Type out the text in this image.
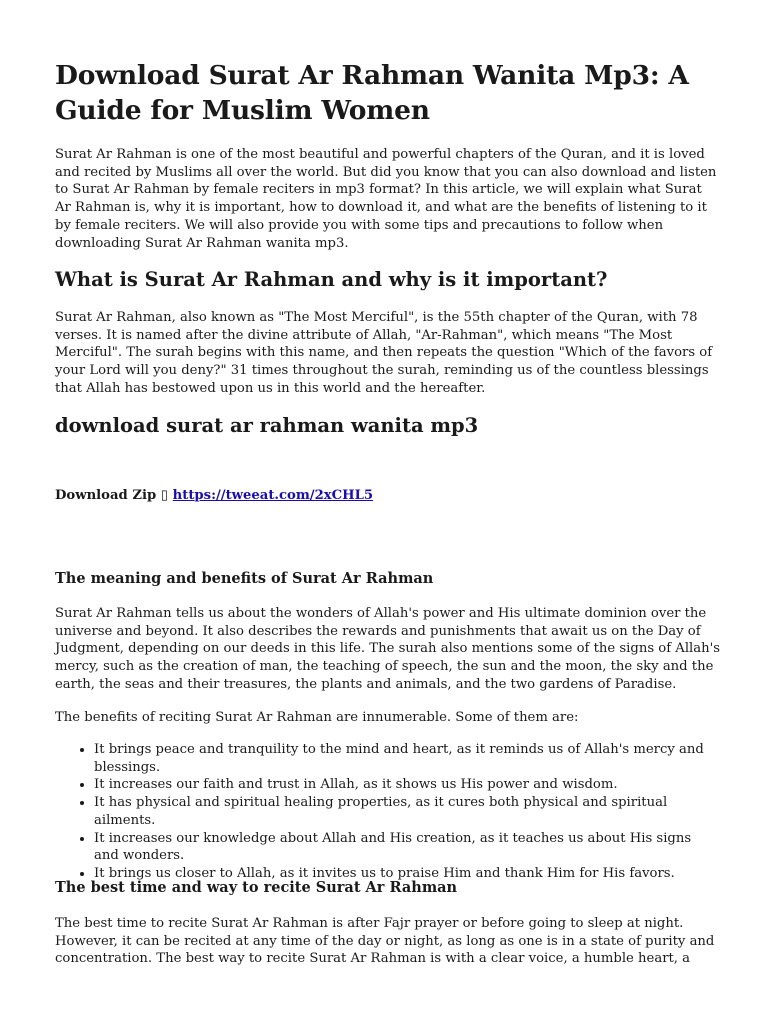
Download Surat Ar Rahman Wanita Mp3: A Guide for Muslim Women

Surat Ar Rahman is one of the most beautiful and powerful chapters of the Quran, and it is loved and recited by Muslims all over the world. But did you know that you can also download and listen to Surat Ar Rahman by female reciters in mp3 format? In this article, we will explain what Surat Ar Rahman is, why it is important, how to download it, and what are the benefits of listening to it by female reciters. We will also provide you with some tips and precautions to follow when downloading Surat Ar Rahman wanita mp3.

What is Surat Ar Rahman and why is it important?

Surat Ar Rahman, also known as "The Most Merciful", is the 55th chapter of the Quran, with 78 verses. It is named after the divine attribute of Allah, "Ar-Rahman", which means "The Most Merciful". The surah begins with this name, and then repeats the question "Which of the favors of your Lord will you deny?" 31 times throughout the surah, reminding us of the countless blessings that Allah has bestowed upon us in this world and the hereafter.

download surat ar rahman wanita mp3
Download Zip ▯ https://tweeat.com/2xCHL5
The meaning and benefits of Surat Ar Rahman

Surat Ar Rahman tells us about the wonders of Allah's power and His ultimate dominion over the universe and beyond. It also describes the rewards and punishments that await us on the Day of Judgment, depending on our deeds in this life. The surah also mentions some of the signs of Allah's mercy, such as the creation of man, the teaching of speech, the sun and the moon, the sky and the earth, the seas and their treasures, the plants and animals, and the two gardens of Paradise.

The benefits of reciting Surat Ar Rahman are innumerable. Some of them are:

• It brings peace and tranquility to the mind and heart, as it reminds us of Allah's mercy and blessings.
• It increases our faith and trust in Allah, as it shows us His power and wisdom.
• It has physical and spiritual healing properties, as it cures both physical and spiritual ailments.
• It increases our knowledge about Allah and His creation, as it teaches us about His signs and wonders.
• It brings us closer to Allah, as it invites us to praise Him and thank Him for His favors.
The best time and way to recite Surat Ar Rahman

The best time to recite Surat Ar Rahman is after Fajr prayer or before going to sleep at night. However, it can be recited at any time of the day or night, as long as one is in a state of purity and concentration. The best way to recite Surat Ar Rahman is with a clear voice, a humble heart, a
